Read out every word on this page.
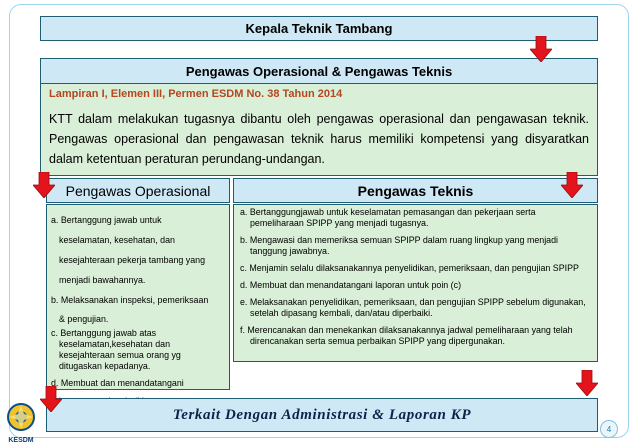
Kepala Teknik Tambang
Pengawas Operasional & Pengawas Teknis
Lampiran I, Elemen III, Permen ESDM No. 38 Tahun 2014
KTT dalam melakukan tugasnya dibantu oleh pengawas operasional dan pengawasan teknik. Pengawas operasional dan pengawasan teknik harus memiliki kompetensi yang disyaratkan dalam ketentuan peraturan perundang-undangan.
Pengawas Operasional
a. Bertanggung jawab untuk
keselamatan, kesehatan, dan
kesejahteraan pekerja tambang yang
menjadi bawahannya.
b. Melaksanakan inspeksi, pemeriksaan
& pengujian.
c. Bertanggung jawab atas keselamatan,kesehatan dan kesejahteraan semua orang yg ditugaskan kepadanya.
d. Membuat dan menandatangani
Pengawas Teknis
a. Bertanggungjawab untuk keselamatan pemasangan dan pekerjaan serta pemeliharaan SPIPP yang menjadi tugasnya.
b. Mengawasi dan memeriksa semuan SPIPP dalam ruang lingkup yang menjadi tanggung jawabnya.
c. Menjamin selalu dilaksanakannya penyelidikan, pemeriksaan, dan pengujian SPIPP
d. Membuat dan menandatangani laporan untuk poin (c)
e. Melaksanakan penyelidikan, pemeriksaan, dan pengujian SPIPP sebelum digunakan, setelah dipasang kembali, dan/atau diperbaiki.
f. Merencanakan dan menekankan dilaksanakannya jadwal pemeliharaan yang telah direncanakan serta semua perbaikan SPIPP yang dipergunakan.
Terkait Dengan Administrasi & Laporan KP
KESDM
4
